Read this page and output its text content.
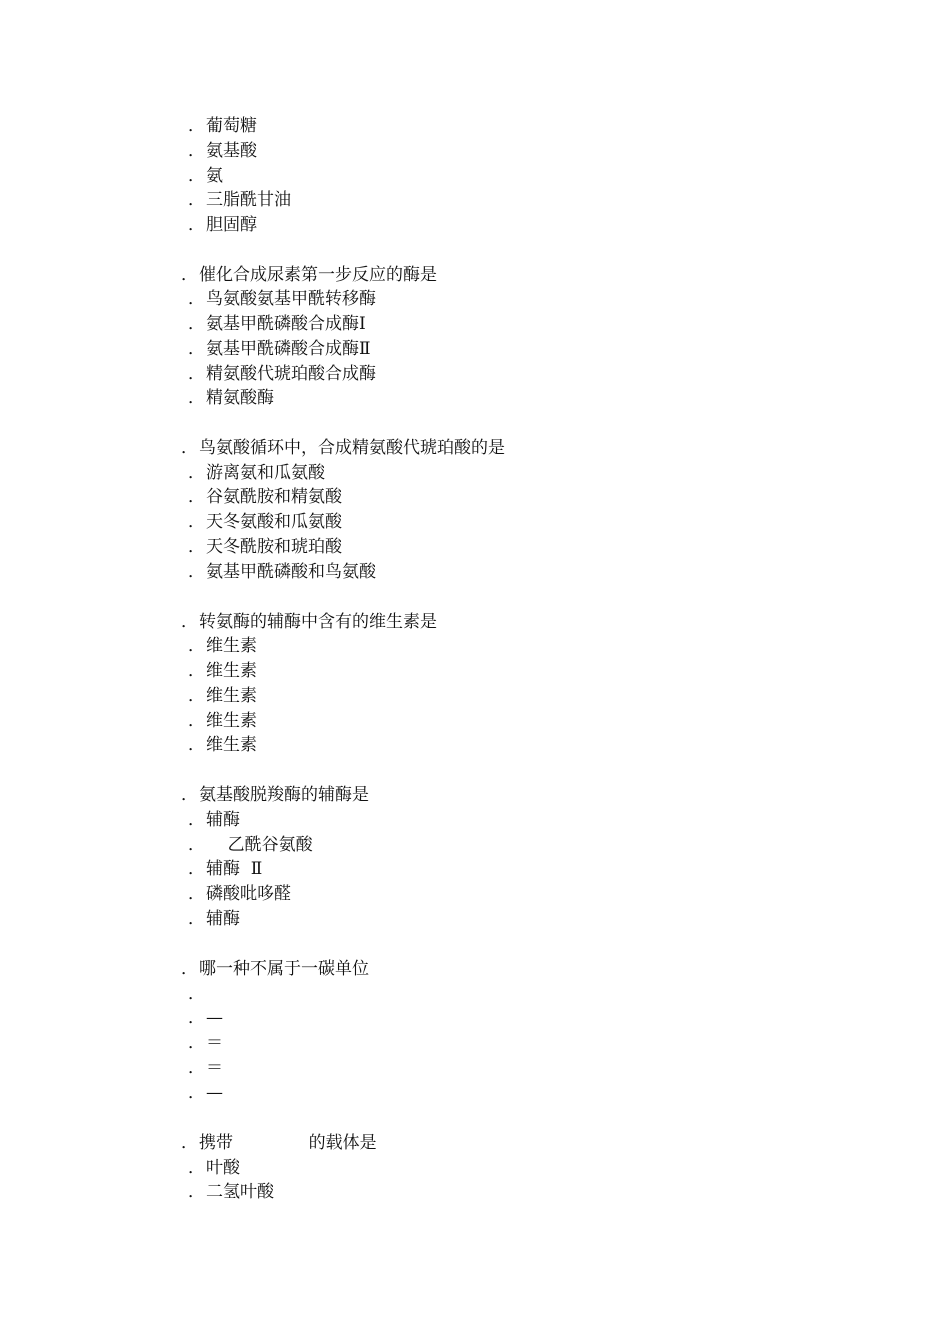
．葡萄糖
．氨基酸
．氨
．三脂酰甘油
．胆固醇
．催化合成尿素第一步反应的酶是
．鸟氨酸氨基甲酰转移酶
．氨基甲酰磷酸合成酶Ⅰ
．氨基甲酰磷酸合成酶Ⅱ
．精氨酸代琥珀酸合成酶
．精氨酸酶
．鸟氨酸循环中，合成精氨酸代琥珀酸的是
．游离氨和瓜氨酸
．谷氨酰胺和精氨酸
．天冬氨酸和瓜氨酸
．天冬酰胺和琥珀酸
．氨基甲酰磷酸和鸟氨酸
．转氨酶的辅酶中含有的维生素是
．维生素
．维生素
．维生素
．维生素
．维生素
．氨基酸脱羧酶的辅酶是
．辅酶
．    乙酰谷氨酸
．辅酶  Ⅱ
．磷酸吡哆醛
．辅酶
．哪一种不属于一碳单位
．
．—
．＝
．＝
．—
．携带              的载体是
．叶酸
．二氢叶酸
